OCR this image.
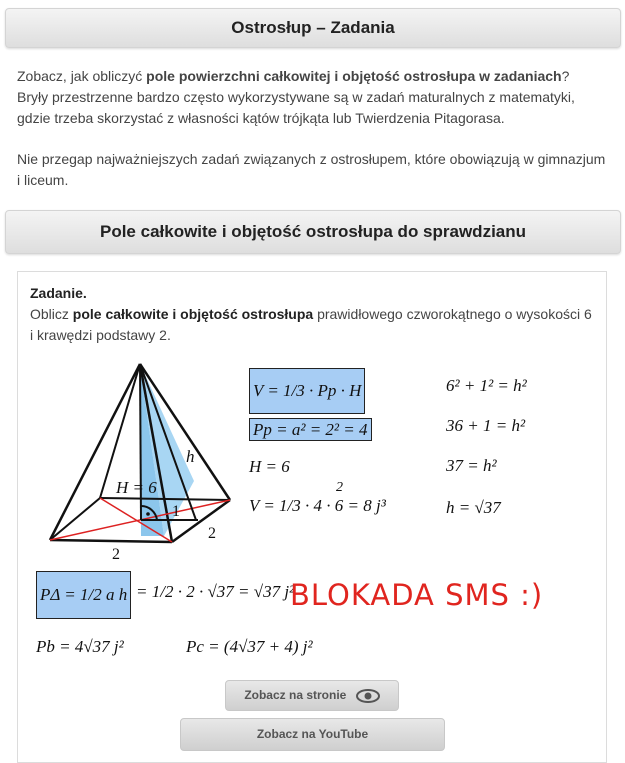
Ostrosłup – Zadania
Zobacz, jak obliczyć pole powierzchni całkowitej i objętość ostrosłupa w zadaniach?
Bryły przestrzenne bardzo często wykorzystywane są w zadań maturalnych z matematyki, gdzie trzeba skorzystać z własności kątów trójkąta lub Twierdzenia Pitagorasa.
Nie przegap najważniejszych zadań związanych z ostrosłupem, które obowiązują w gimnazjum i liceum.
Pole całkowite i objętość ostrosłupa do sprawdzianu
Zadanie.
Oblicz pole całkowite i objętość ostrosłupa prawidłowego czworokątnego o wysokości 6 i krawędzi podstawy 2.
H = 6
h
1
2
2
V = 1/3 · Pp · H
Pp = a² = 2² = 4
H = 6
2
V = 1/3 · 4 · 6 = 8 j³
6² + 1² = h²
36 + 1 = h²
37 = h²
h = √37
PΔ = 1/2 a h = 1/2 · 2 · √37 = √37 j²
BLOKADA SMS :)
Pb = 4√37 j²	Pc = (4√37 + 4) j²
Zobacz na stronie
Zobacz na YouTube
